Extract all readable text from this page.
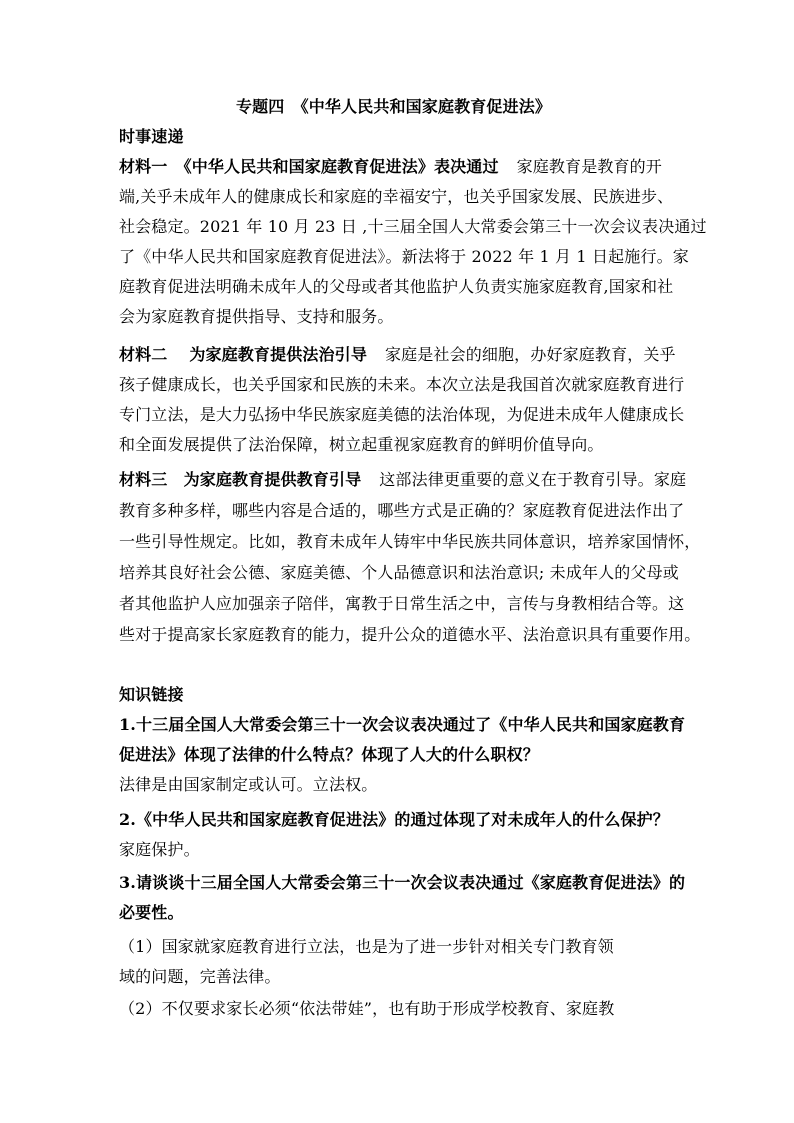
专题四　《中华人民共和国家庭教育促进法》
时事速递
材料一　《中华人民共和国家庭教育促进法》表决通过 家庭教育是教育的开
端,关乎未成年人的健康成长和家庭的幸福安宁，也关乎国家发展、民族进步、
社会稳定。2021 年 10 月 23 日 ,十三届全国人大常委会第三十一次会议表决通过
了《中华人民共和国家庭教育促进法》。新法将于 2022 年 1 月 1 日起施行。家
庭教育促进法明确未成年人的父母或者其他监护人负责实施家庭教育,国家和社
会为家庭教育提供指导、支持和服务。
材料二　 为家庭教育提供法治引导 家庭是社会的细胞，办好家庭教育，关乎
孩子健康成长，也关乎国家和民族的未来。本次立法是我国首次就家庭教育进行
专门立法，是大力弘扬中华民族家庭美德的法治体现，为促进未成年人健康成长
和全面发展提供了法治保障，树立起重视家庭教育的鲜明价值导向。
材料三　为家庭教育提供教育引导 这部法律更重要的意义在于教育引导。家庭
教育多种多样，哪些内容是合适的，哪些方式是正确的？家庭教育促进法作出了
一些引导性规定。比如，教育未成年人铸牢中华民族共同体意识，培养家国情怀，
培养其良好社会公德、家庭美德、个人品德意识和法治意识; 未成年人的父母或
者其他监护人应加强亲子陪伴，寓教于日常生活之中，言传与身教相结合等。这
些对于提高家长家庭教育的能力，提升公众的道德水平、法治意识具有重要作用。
知识链接
1.十三届全国人大常委会第三十一次会议表决通过了《中华人民共和国家庭教育
促进法》体现了法律的什么特点？体现了人大的什么职权？
法律是由国家制定或认可。立法权。
2.《中华人民共和国家庭教育促进法》的通过体现了对未成年人的什么保护？
家庭保护。
3.请谈谈十三届全国人大常委会第三十一次会议表决通过《家庭教育促进法》的
必要性。
（1）国家就家庭教育进行立法，也是为了进一步针对相关专门教育领
域的问题，完善法律。
（2）不仅要求家长必须“依法带娃”，也有助于形成学校教育、家庭教
